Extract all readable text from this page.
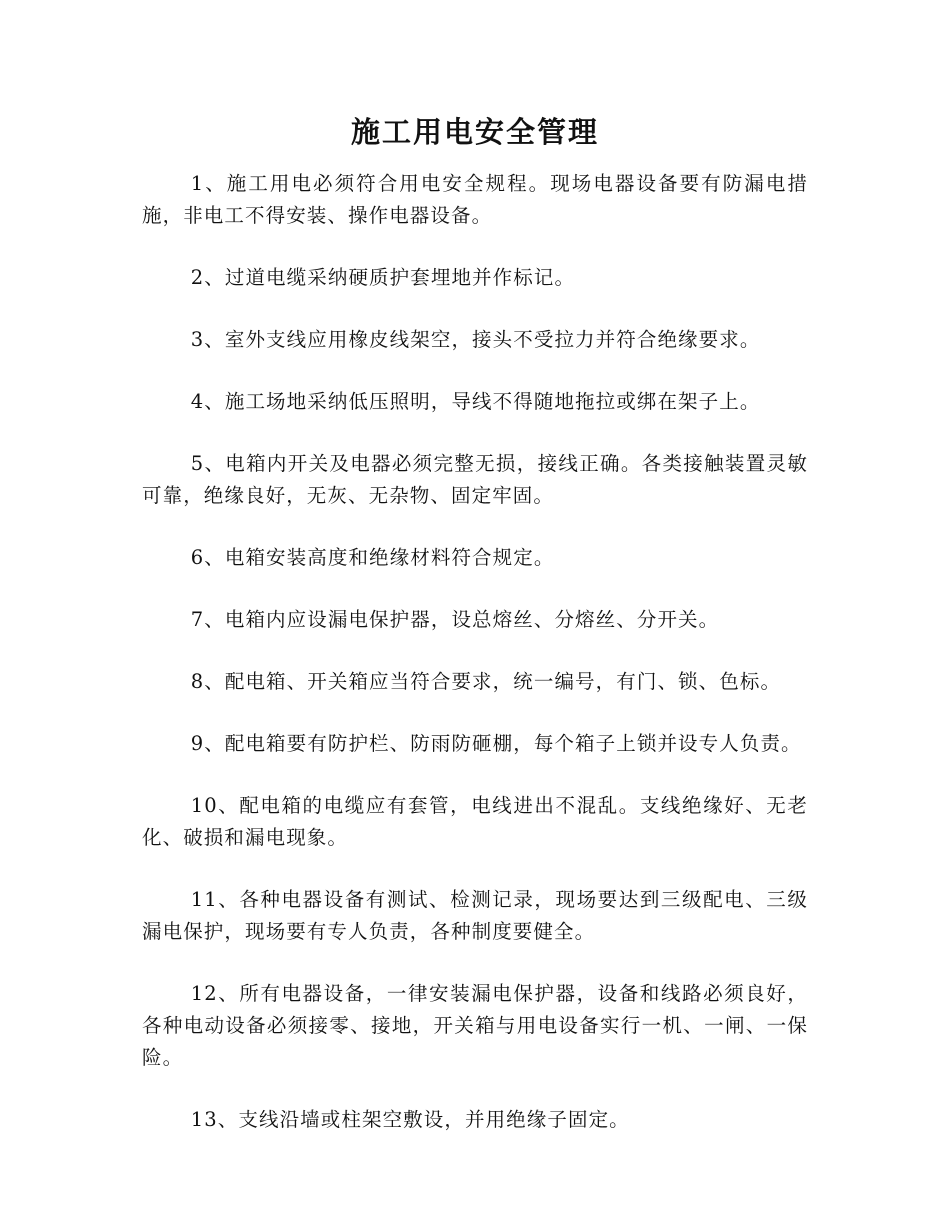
施工用电安全管理

1、施工用电必须符合用电安全规程。现场电器设备要有防漏电措施，非电工不得安装、操作电器设备。

2、过道电缆采纳硬质护套埋地并作标记。

3、室外支线应用橡皮线架空，接头不受拉力并符合绝缘要求。

4、施工场地采纳低压照明，导线不得随地拖拉或绑在架子上。

5、电箱内开关及电器必须完整无损，接线正确。各类接触装置灵敏可靠，绝缘良好，无灰、无杂物、固定牢固。

6、电箱安装高度和绝缘材料符合规定。

7、电箱内应设漏电保护器，设总熔丝、分熔丝、分开关。

8、配电箱、开关箱应当符合要求，统一编号，有门、锁、色标。

9、配电箱要有防护栏、防雨防砸棚，每个箱子上锁并设专人负责。

10、配电箱的电缆应有套管，电线进出不混乱。支线绝缘好、无老化、破损和漏电现象。

11、各种电器设备有测试、检测记录，现场要达到三级配电、三级漏电保护，现场要有专人负责，各种制度要健全。

12、所有电器设备，一律安装漏电保护器，设备和线路必须良好，各种电动设备必须接零、接地，开关箱与用电设备实行一机、一闸、一保险。

13、支线沿墙或柱架空敷设，并用绝缘子固定。
